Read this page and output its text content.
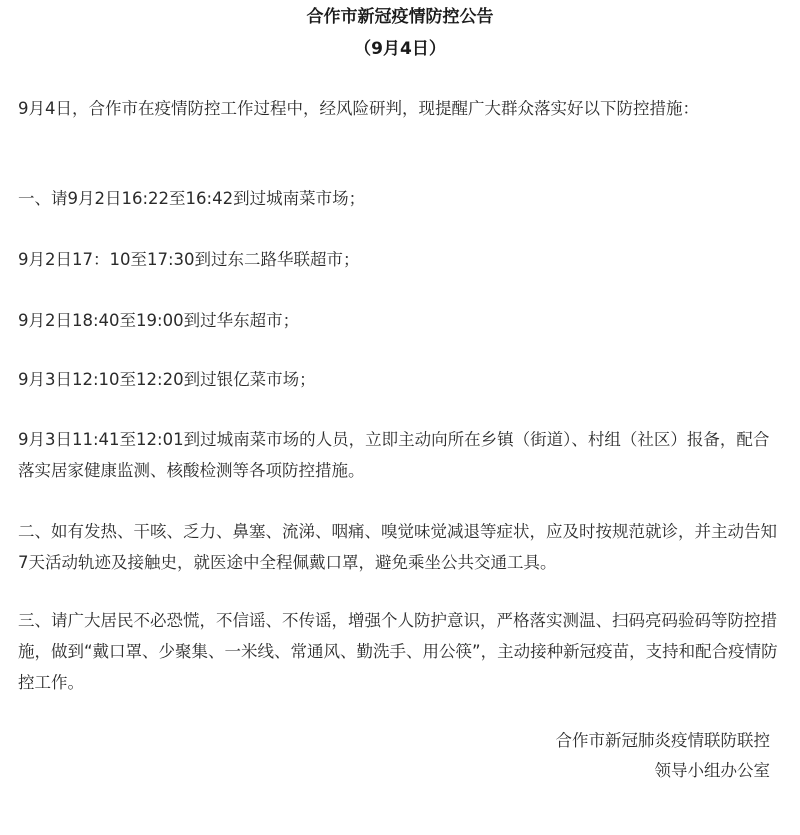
合作市新冠疫情防控公告
（9月4日）
9月4日，合作市在疫情防控工作过程中，经风险研判，现提醒广大群众落实好以下防控措施：
一、请9月2日16:22至16:42到过城南菜市场；
9月2日17：10至17:30到过东二路华联超市；
9月2日18:40至19:00到过华东超市；
9月3日12:10至12:20到过银亿菜市场；
9月3日11:41至12:01到过城南菜市场的人员，立即主动向所在乡镇（街道）、村组（社区）报备，配合落实居家健康监测、核酸检测等各项防控措施。
二、如有发热、干咳、乏力、鼻塞、流涕、咽痛、嗅觉味觉减退等症状，应及时按规范就诊，并主动告知7天活动轨迹及接触史，就医途中全程佩戴口罩，避免乘坐公共交通工具。
三、请广大居民不必恐慌，不信谣、不传谣，增强个人防护意识，严格落实测温、扫码亮码验码等防控措施，做到“戴口罩、少聚集、一米线、常通风、勤洗手、用公筷”，主动接种新冠疫苗，支持和配合疫情防控工作。
合作市新冠肺炎疫情联防联控
领导小组办公室
